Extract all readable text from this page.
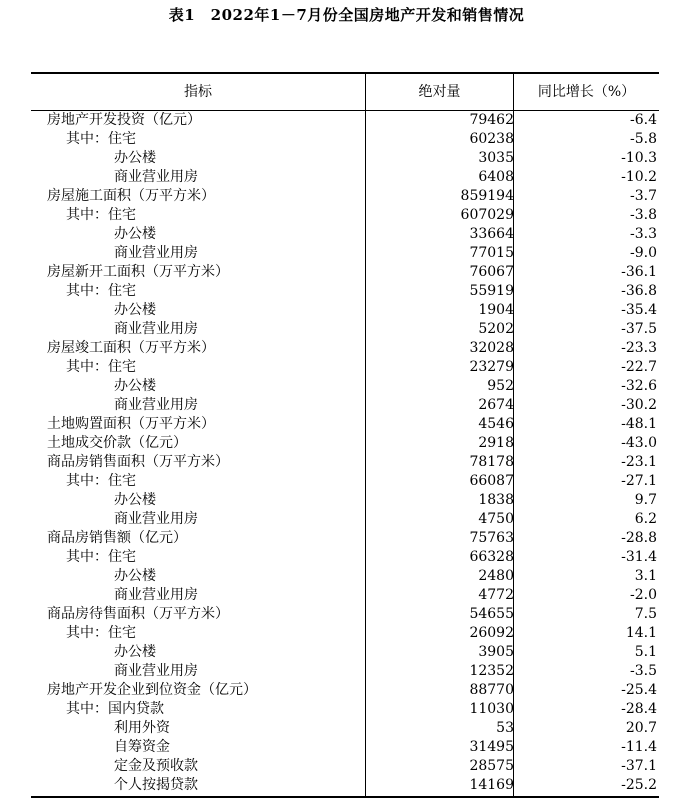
表1　2022年1－7月份全国房地产开发和销售情况
指标	绝对量	同比增长（%）
房地产开发投资（亿元）	79462	-6.4
其中：住宅	60238	-5.8
办公楼	3035	-10.3
商业营业用房	6408	-10.2
房屋施工面积（万平方米）	859194	-3.7
其中：住宅	607029	-3.8
办公楼	33664	-3.3
商业营业用房	77015	-9.0
房屋新开工面积（万平方米）	76067	-36.1
其中：住宅	55919	-36.8
办公楼	1904	-35.4
商业营业用房	5202	-37.5
房屋竣工面积（万平方米）	32028	-23.3
其中：住宅	23279	-22.7
办公楼	952	-32.6
商业营业用房	2674	-30.2
土地购置面积（万平方米）	4546	-48.1
土地成交价款（亿元）	2918	-43.0
商品房销售面积（万平方米）	78178	-23.1
其中：住宅	66087	-27.1
办公楼	1838	9.7
商业营业用房	4750	6.2
商品房销售额（亿元）	75763	-28.8
其中：住宅	66328	-31.4
办公楼	2480	3.1
商业营业用房	4772	-2.0
商品房待售面积（万平方米）	54655	7.5
其中：住宅	26092	14.1
办公楼	3905	5.1
商业营业用房	12352	-3.5
房地产开发企业到位资金（亿元）	88770	-25.4
其中：国内贷款	11030	-28.4
利用外资	53	20.7
自筹资金	31495	-11.4
定金及预收款	28575	-37.1
个人按揭贷款	14169	-25.2
